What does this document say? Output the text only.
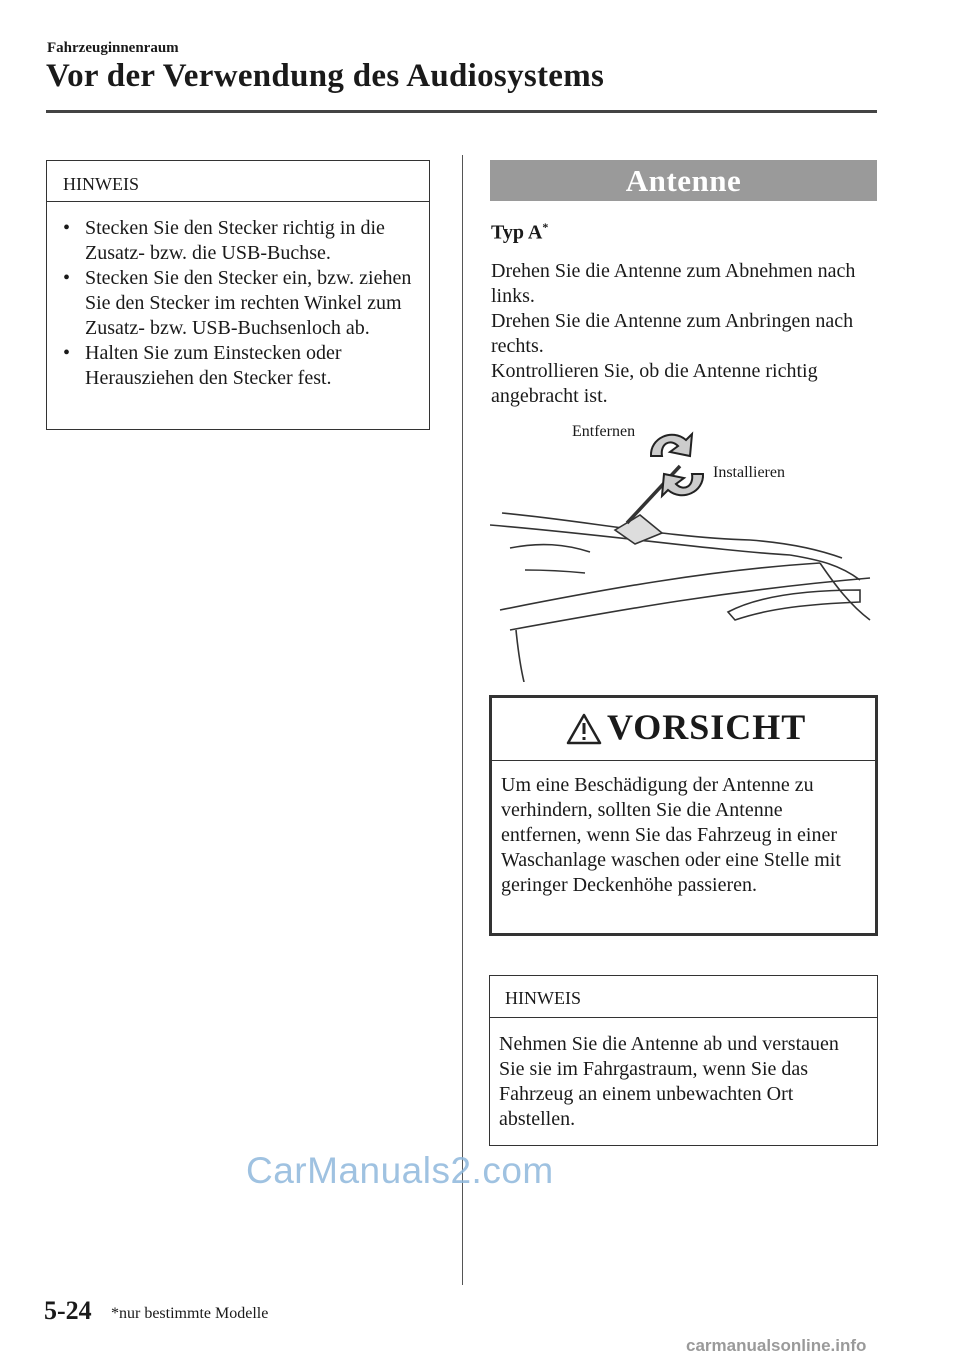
Fahrzeuginnenraum
Vor der Verwendung des Audiosystems
HINWEIS
• Stecken Sie den Stecker richtig in die Zusatz- bzw. die USB-Buchse.
• Stecken Sie den Stecker ein, bzw. ziehen Sie den Stecker im rechten Winkel zum Zusatz- bzw. USB-Buchsenloch ab.
• Halten Sie zum Einstecken oder Herausziehen den Stecker fest.
Antenne
Typ A*
Drehen Sie die Antenne zum Abnehmen nach links.
Drehen Sie die Antenne zum Anbringen nach rechts.
Kontrollieren Sie, ob die Antenne richtig angebracht ist.
Entfernen
Installieren
VORSICHT
Um eine Beschädigung der Antenne zu verhindern, sollten Sie die Antenne entfernen, wenn Sie das Fahrzeug in einer Waschanlage waschen oder eine Stelle mit geringer Deckenhöhe passieren.
HINWEIS
Nehmen Sie die Antenne ab und verstauen Sie sie im Fahrgastraum, wenn Sie das Fahrzeug an einem unbewachten Ort abstellen.
CarManuals2.com
5-24 *nur bestimmte Modelle
carmanualsonline.info
